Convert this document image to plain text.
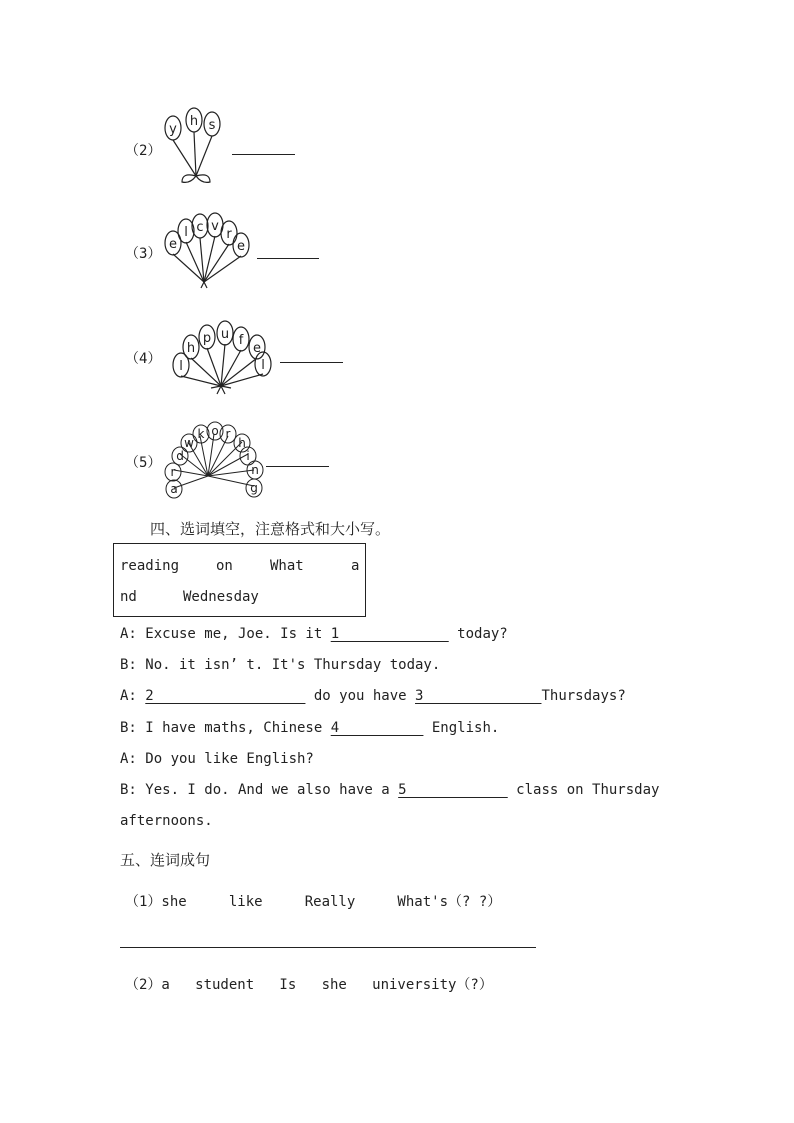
（2）
y
h s
（3）
e
l c v
r
e
（4） l
h
p u f
e
l
（5）
a
r
d
w
k o r
h
i
n
g
四、选词填空，注意格式和大小写。
reading	on	What	a
nd	Wednesday
A: Excuse me, Joe. Is it 1              today?
B: No. it isn’ t. It's Thursday today.
A: 2                   do you have 3              Thursdays?
B: I have maths, Chinese 4           English.
A: Do you like English?
B: Yes. I do. And we also have a 5             class on Thursday
afternoons.
五、连词成句
（1）she     like     Really     What's（? ?）
（2）a   student   Is   she   university（?）
